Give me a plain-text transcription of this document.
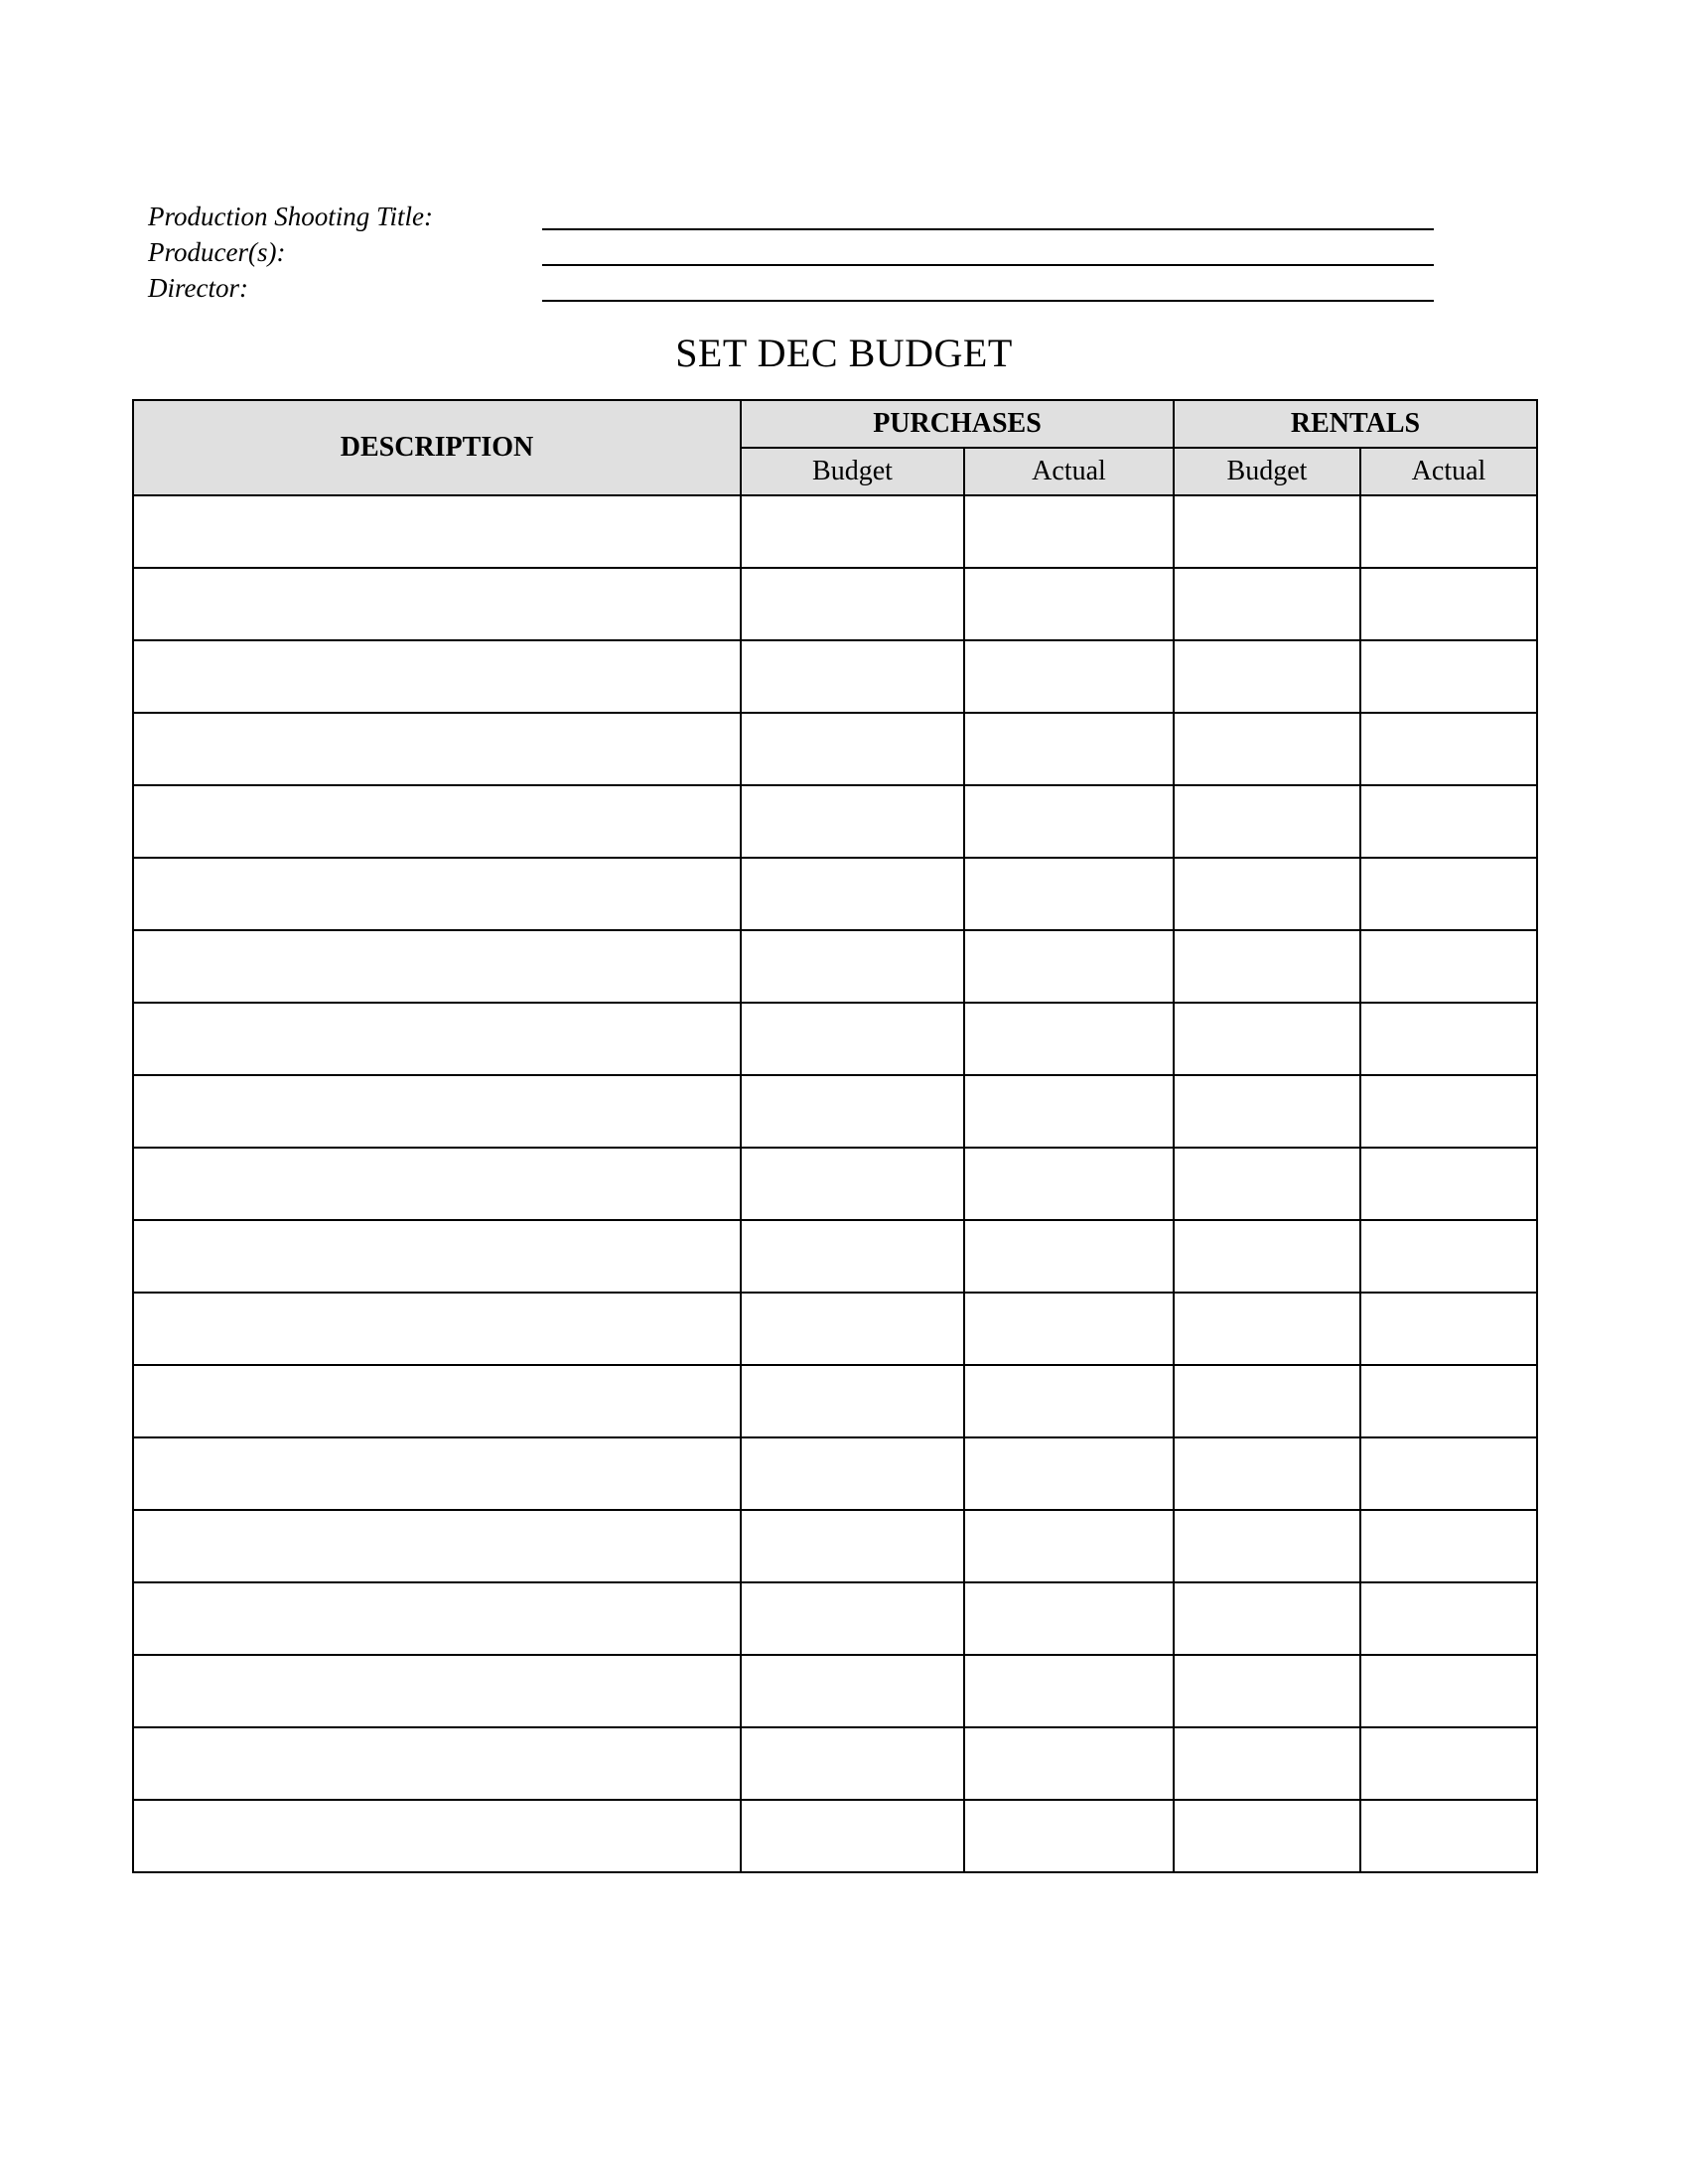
Production Shooting Title:
Producer(s):
Director:
SET DEC BUDGET
DESCRIPTION	PURCHASES		RENTALS	
	Budget	Actual	Budget	Actual
